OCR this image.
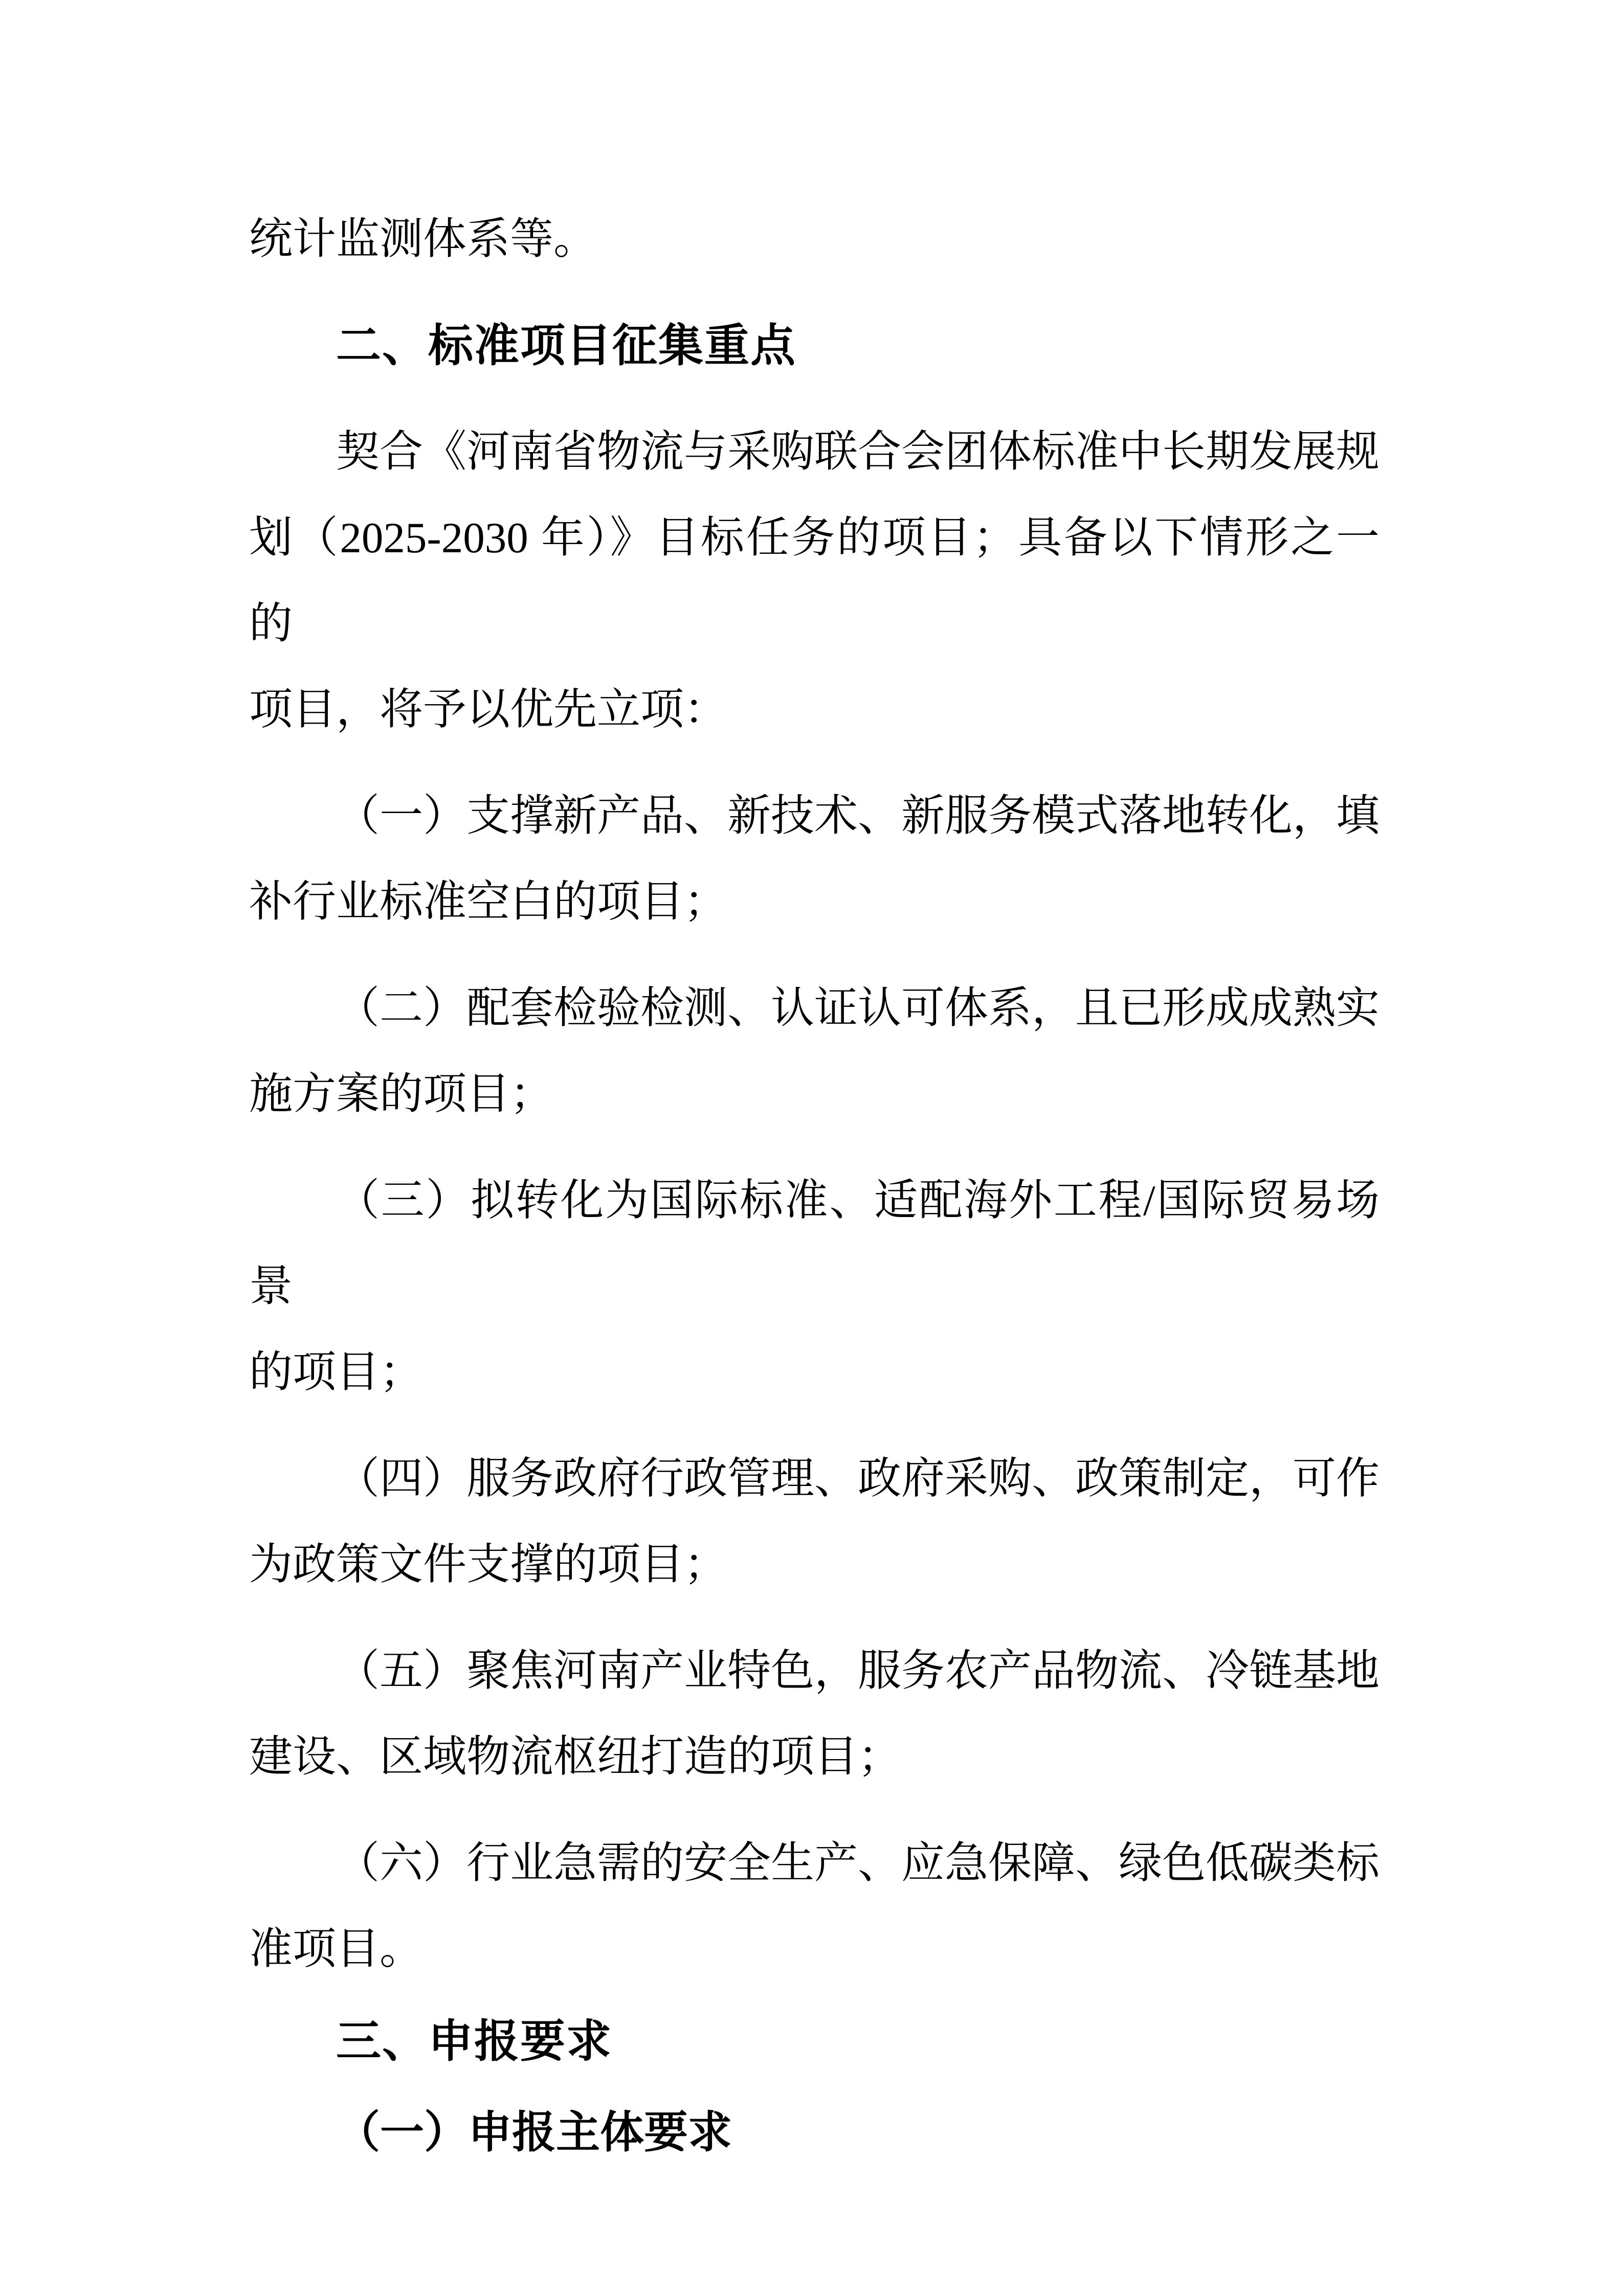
统计监测体系等。

二、标准项目征集重点

契合《河南省物流与采购联合会团体标准中长期发展规

划（2025-2030 年）》目标任务的项目；具备以下情形之一的

项目，将予以优先立项：

（一）支撑新产品、新技术、新服务模式落地转化，填

补行业标准空白的项目；

（二）配套检验检测、认证认可体系，且已形成成熟实

施方案的项目；

（三）拟转化为国际标准、适配海外工程/国际贸易场景

的项目；

（四）服务政府行政管理、政府采购、政策制定，可作

为政策文件支撑的项目；

（五）聚焦河南产业特色，服务农产品物流、冷链基地

建设、区域物流枢纽打造的项目；

（六）行业急需的安全生产、应急保障、绿色低碳类标

准项目。

三、申报要求

（一）申报主体要求
